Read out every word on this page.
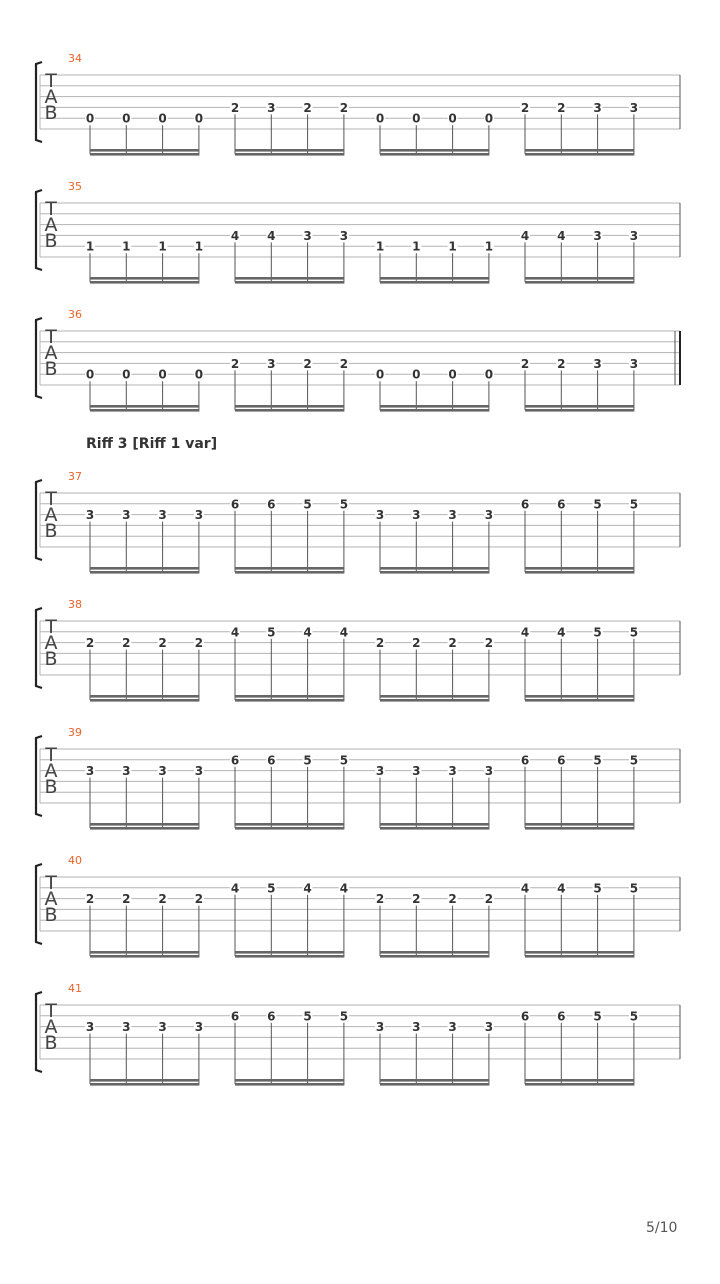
34
T
A
B 0 0 0 0
2 3 2 2
0 0 0 0
2 2 3 3
35
T
A
B 1 1 1 1
4 4 3 3
1 1 1 1
4 4 3 3
36
T
A
B 0 0 0 0
2 3 2 2
0 0 0 0
2 2 3 3
37
T
A
B
3 3 3 3
6 6 5 5
3 3 3 3
6 6 5 5
38
T
A
B
2 2 2 2
4 5 4 4
2 2 2 2
4 4 5 5
39
T
A
B
3 3 3 3
6 6 5 5
3 3 3 3
6 6 5 5
40
T
A
B
2 2 2 2
4 5 4 4
2 2 2 2
4 4 5 5
41
T
A
B
3 3 3 3
6 6 5 5
3 3 3 3
6 6 5 5
Riff 3 [Riff 1 var]
5/10
